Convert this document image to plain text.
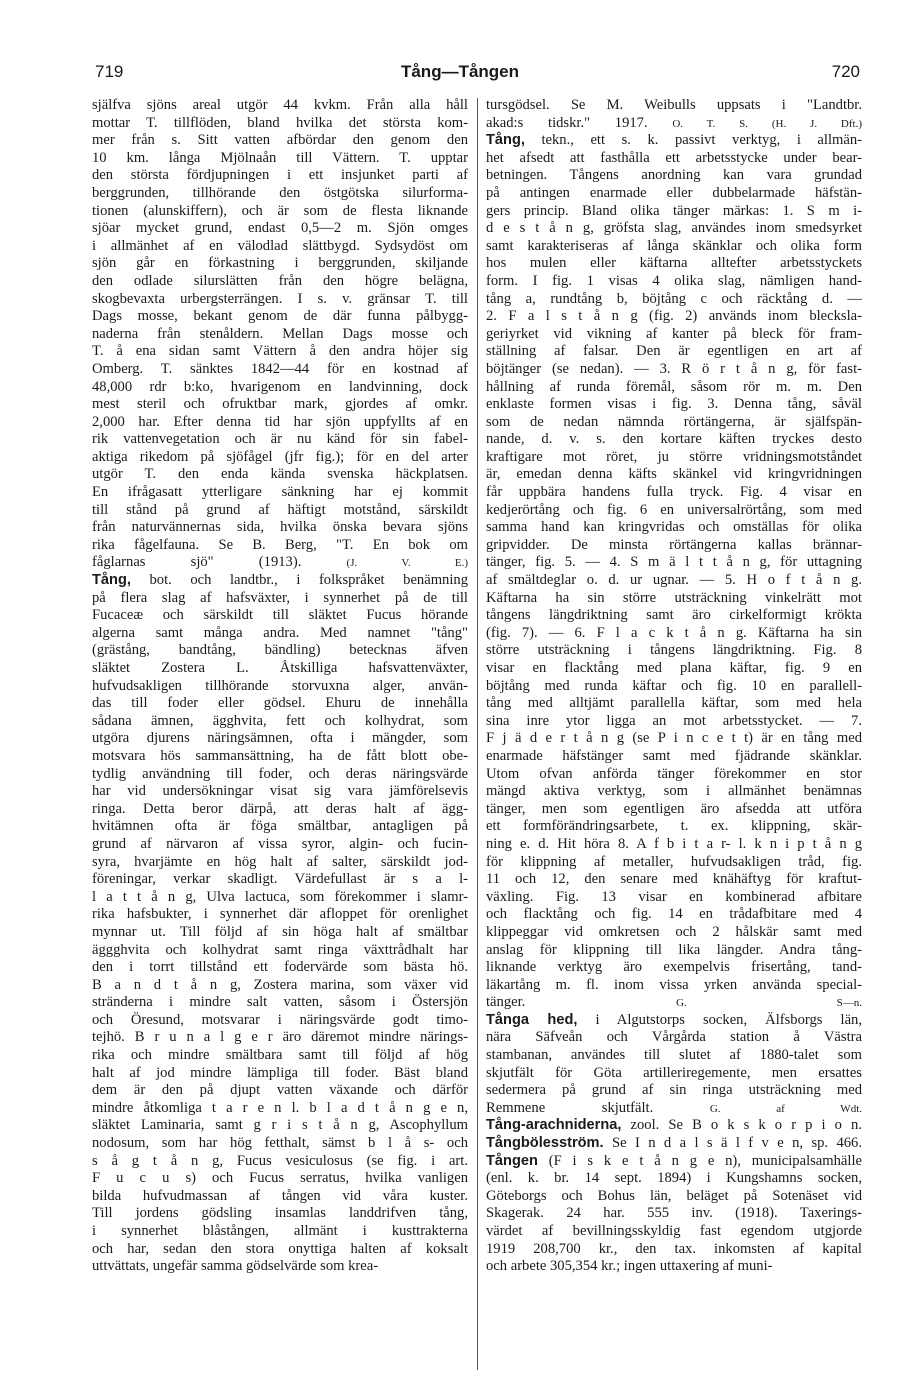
719	Tång—Tången	720
själfva sjöns areal utgör 44 kvkm. Från alla håll
mottar T. tillflöden, bland hvilka det största kom-
mer från s. Sitt vatten afbördar den genom den
10 km. långa Mjölnaån till Vättern. T. upptar
den största fördjupningen i ett insjunket parti af
berggrunden, tillhörande den östgötska silurforma-
tionen (alunskiffern), och är som de flesta liknande
sjöar mycket grund, endast 0,5—2 m. Sjön omges
i allmänhet af en välodlad slättbygd. Sydsydöst om
sjön går en förkastning i berggrunden, skiljande
den odlade silurslätten från den högre belägna,
skogbevaxta urbergsterrängen. I s. v. gränsar T. till
Dags mosse, bekant genom de där funna pålbygg-
naderna från stenåldern. Mellan Dags mosse och
T. å ena sidan samt Vättern å den andra höjer sig
Omberg. T. sänktes 1842—44 för en kostnad af
48,000 rdr b:ko, hvarigenom en landvinning, dock
mest steril och ofruktbar mark, gjordes af omkr.
2,000 har. Efter denna tid har sjön uppfyllts af en
rik vattenvegetation och är nu känd för sin fabel-
aktiga rikedom på sjöfågel (jfr fig.); för en del arter
utgör T. den enda kända svenska häckplatsen.
En ifrågasatt ytterligare sänkning har ej kommit
till stånd på grund af häftigt motstånd, särskildt
från naturvännernas sida, hvilka önska bevara sjöns
rika fågelfauna. Se B. Berg, "T. En bok om
fåglarnas sjö" (1913).	(J. V. E.)
Tång, bot. och landtbr., i folkspråket benämning
på flera slag af hafsväxter, i synnerhet på de till
Fucaceæ och särskildt till släktet Fucus hörande
algerna samt många andra. Med namnet "tång"
(grästång, bandtång, bändling) betecknas äfven
släktet Zostera L. Åtskilliga hafsvattenväxter,
hufvudsakligen tillhörande storvuxna alger, använ-
das till foder eller gödsel. Ehuru de innehålla
sådana ämnen, ägghvita, fett och kolhydrat, som
utgöra djurens näringsämnen, ofta i mängder, som
motsvara hös sammansättning, ha de fått blott obe-
tydlig användning till foder, och deras näringsvärde
har vid undersökningar visat sig vara jämförelsevis
ringa. Detta beror därpå, att deras halt af ägg-
hvitämnen ofta är föga smältbar, antagligen på
grund af närvaron af vissa syror, algin- och fucin-
syra, hvarjämte en hög halt af salter, särskildt jod-
föreningar, verkar skadligt. Värdefullast är s a l-
l a t t å n g, Ulva lactuca, som förekommer i slamr-
rika hafsbukter, i synnerhet där afloppet för orenlighet
mynnar ut. Till följd af sin höga halt af smältbar
äggghvita och kolhydrat samt ringa växttrådhalt har
den i torrt tillstånd ett fodervärde som bästa hö.
B a n d t å n g, Zostera marina, som växer vid
stränderna i mindre salt vatten, såsom i Östersjön
och Öresund, motsvarar i näringsvärde godt timo-
tejhö. B r u n a l g e r äro däremot mindre närings-
rika och mindre smältbara samt till följd af hög
halt af jod mindre lämpliga till foder. Bäst bland
dem är den på djupt vatten växande och därför
mindre åtkomliga t a r e n l. b l a d t å n g e n,
släktet Laminaria, samt g r i s t å n g, Ascophyllum
nodosum, som har hög fetthalt, sämst b l å s- och
s å g t å n g, Fucus vesiculosus (se fig. i art.
F u c u s) och Fucus serratus, hvilka vanligen
bilda hufvudmassan af tången vid våra kuster.
Till jordens gödsling insamlas landdrifven tång,
i synnerhet blåstången, allmänt i kusttrakterna
och har, sedan den stora onyttiga halten af koksalt
uttvättats, ungefär samma gödselvärde som krea-
tursgödsel. Se M. Weibulls uppsats i "Landtbr.
akad:s tidskr." 1917. O. T. S. (H. J. Dft.)
Tång, tekn., ett s. k. passivt verktyg, i allmän-
het afsedt att fasthålla ett arbetsstycke under bear-
betningen. Tångens anordning kan vara grundad
på antingen enarmade eller dubbelarmade häfstän-
gers princip. Bland olika tänger märkas: 1. S m i-
d e s t å n g, gröfsta slag, användes inom smedsyrket
samt karakteriseras af långa skänklar och olika form
hos mulen eller käftarna alltefter arbetsstyckets
form. I fig. 1 visas 4 olika slag, nämligen hand-
tång a, rundtång b, böjtång c och räcktång d. —
2. F a l s t å n g (fig. 2) används inom bleckslа-
geriyrket vid vikning af kanter på bleck för fram-
ställning af falsar. Den är egentligen en art af
böjtänger (se nedan). — 3. R ö r t å n g, för fast-
hållning af runda föremål, såsom rör m. m. Den
enklaste formen visas i fig. 3. Denna tång, såväl
som de nedan nämnda rörtängerna, är själfspän-
nande, d. v. s. den kortare käften tryckes desto
kraftigare mot röret, ju större vridningsmotståndet
är, emedan denna käfts skänkel vid kringvridningen
får uppbära handens fulla tryck. Fig. 4 visar en
kedjerörtång och fig. 6 en universalrörtång, som med
samma hand kan kringvridas och omställas för olika
gripvidder. De minsta rörtängerna kallas brännar-
tänger, fig. 5. — 4. S m ä l t t å n g, för uttagning
af smältdeglar o. d. ur ugnar. — 5. H o f t å n g.
Käftarna ha sin större utsträckning vinkelrätt mot
tångens längdriktning samt äro cirkelformigt krökta
(fig. 7). — 6. F l a c k t å n g. Käftarna ha sin
större utsträckning i tångens längdriktning. Fig. 8
visar en flacktång med plana käftar, fig. 9 en
böjtång med runda käftar och fig. 10 en parallell-
tång med alltjämt parallella käftar, som med hela
sina inre ytor ligga an mot arbetsstycket. — 7.
F j ä d e r t å n g (se P i n c e t t) är en tång med
enarmade häfstänger samt med fjädrande skänklar.
Utom ofvan anförda tänger förekommer en stor
mängd aktiva verktyg, som i allmänhet benämnas
tänger, men som egentligen äro afsedda att utföra
ett formförändringsarbete, t. ex. klippning, skär-
ning e. d. Hit höra 8. A f b i t a r- l. k n i p t å n g
för klippning af metaller, hufvudsakligen tråd, fig.
11 och 12, den senare med knähäftyg för kraftut-
växling. Fig. 13 visar en kombinerad afbitare
och flacktång och fig. 14 en trådafbitare med 4
klippeggar vid omkretsen och 2 hålskär samt med
anslag för klippning till lika längder. Andra tång-
liknande verktyg äro exempelvis frisertång, tand-
läkartång m. fl. inom vissa yrken använda special-
tänger.	G. S—n.
Tånga hed, i Algutstorps socken, Älfsborgs län,
nära Säfveån och Vårgårda station å Västra
stambanan, användes till slutet af 1880-talet som
skjutfält för Göta artilleriregemente, men ersattes
sedermera på grund af sin ringa utsträckning med
Remmene skjutfält.	G. af Wdt.
Tång-arachniderna, zool. Se B o k s k o r p i o n.
Tångbölesström. Se I n d a l s ä l f v e n, sp. 466.
Tången (F i s k e t å n g e n), municipalsamhälle
(enl. k. br. 14 sept. 1894) i Kungshamns socken,
Göteborgs och Bohus län, beläget på Sotenäset vid
Skagerak. 24 har. 555 inv. (1918). Taxerings-
värdet af bevillningsskyldig fast egendom utgjorde
1919 208,700 kr., den tax. inkomsten af kapital
och arbete 305,354 kr.; ingen uttaxering af muni-
